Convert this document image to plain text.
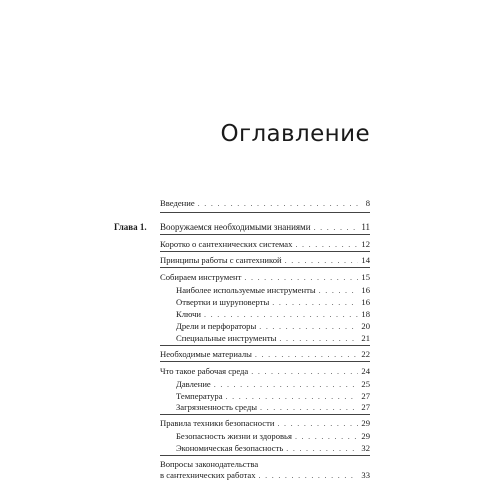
Оглавление
Введение . . .	8
Глава 1. Вооружаемся необходимыми знаниями . . .	11
Коротко о сантехнических системах . . .	12
Принципы работы с сантехникой . . .	14
Собираем инструмент . . .	15
Наиболее используемые инструменты . . .	16
Отвертки и шуруповерты . . .	16
Ключи . . .	18
Дрели и перфораторы . . .	20
Специальные инструменты . . .	21
Необходимые материалы . . .	22
Что такое рабочая среда . . .	24
Давление . . .	25
Температура . . .	27
Загрязненность среды . . .	27
Правила техники безопасности . . .	29
Безопасность жизни и здоровья . . .	29
Экономическая безопасность . . .	32
Вопросы законодательства
в сантехнических работах . . .	33
